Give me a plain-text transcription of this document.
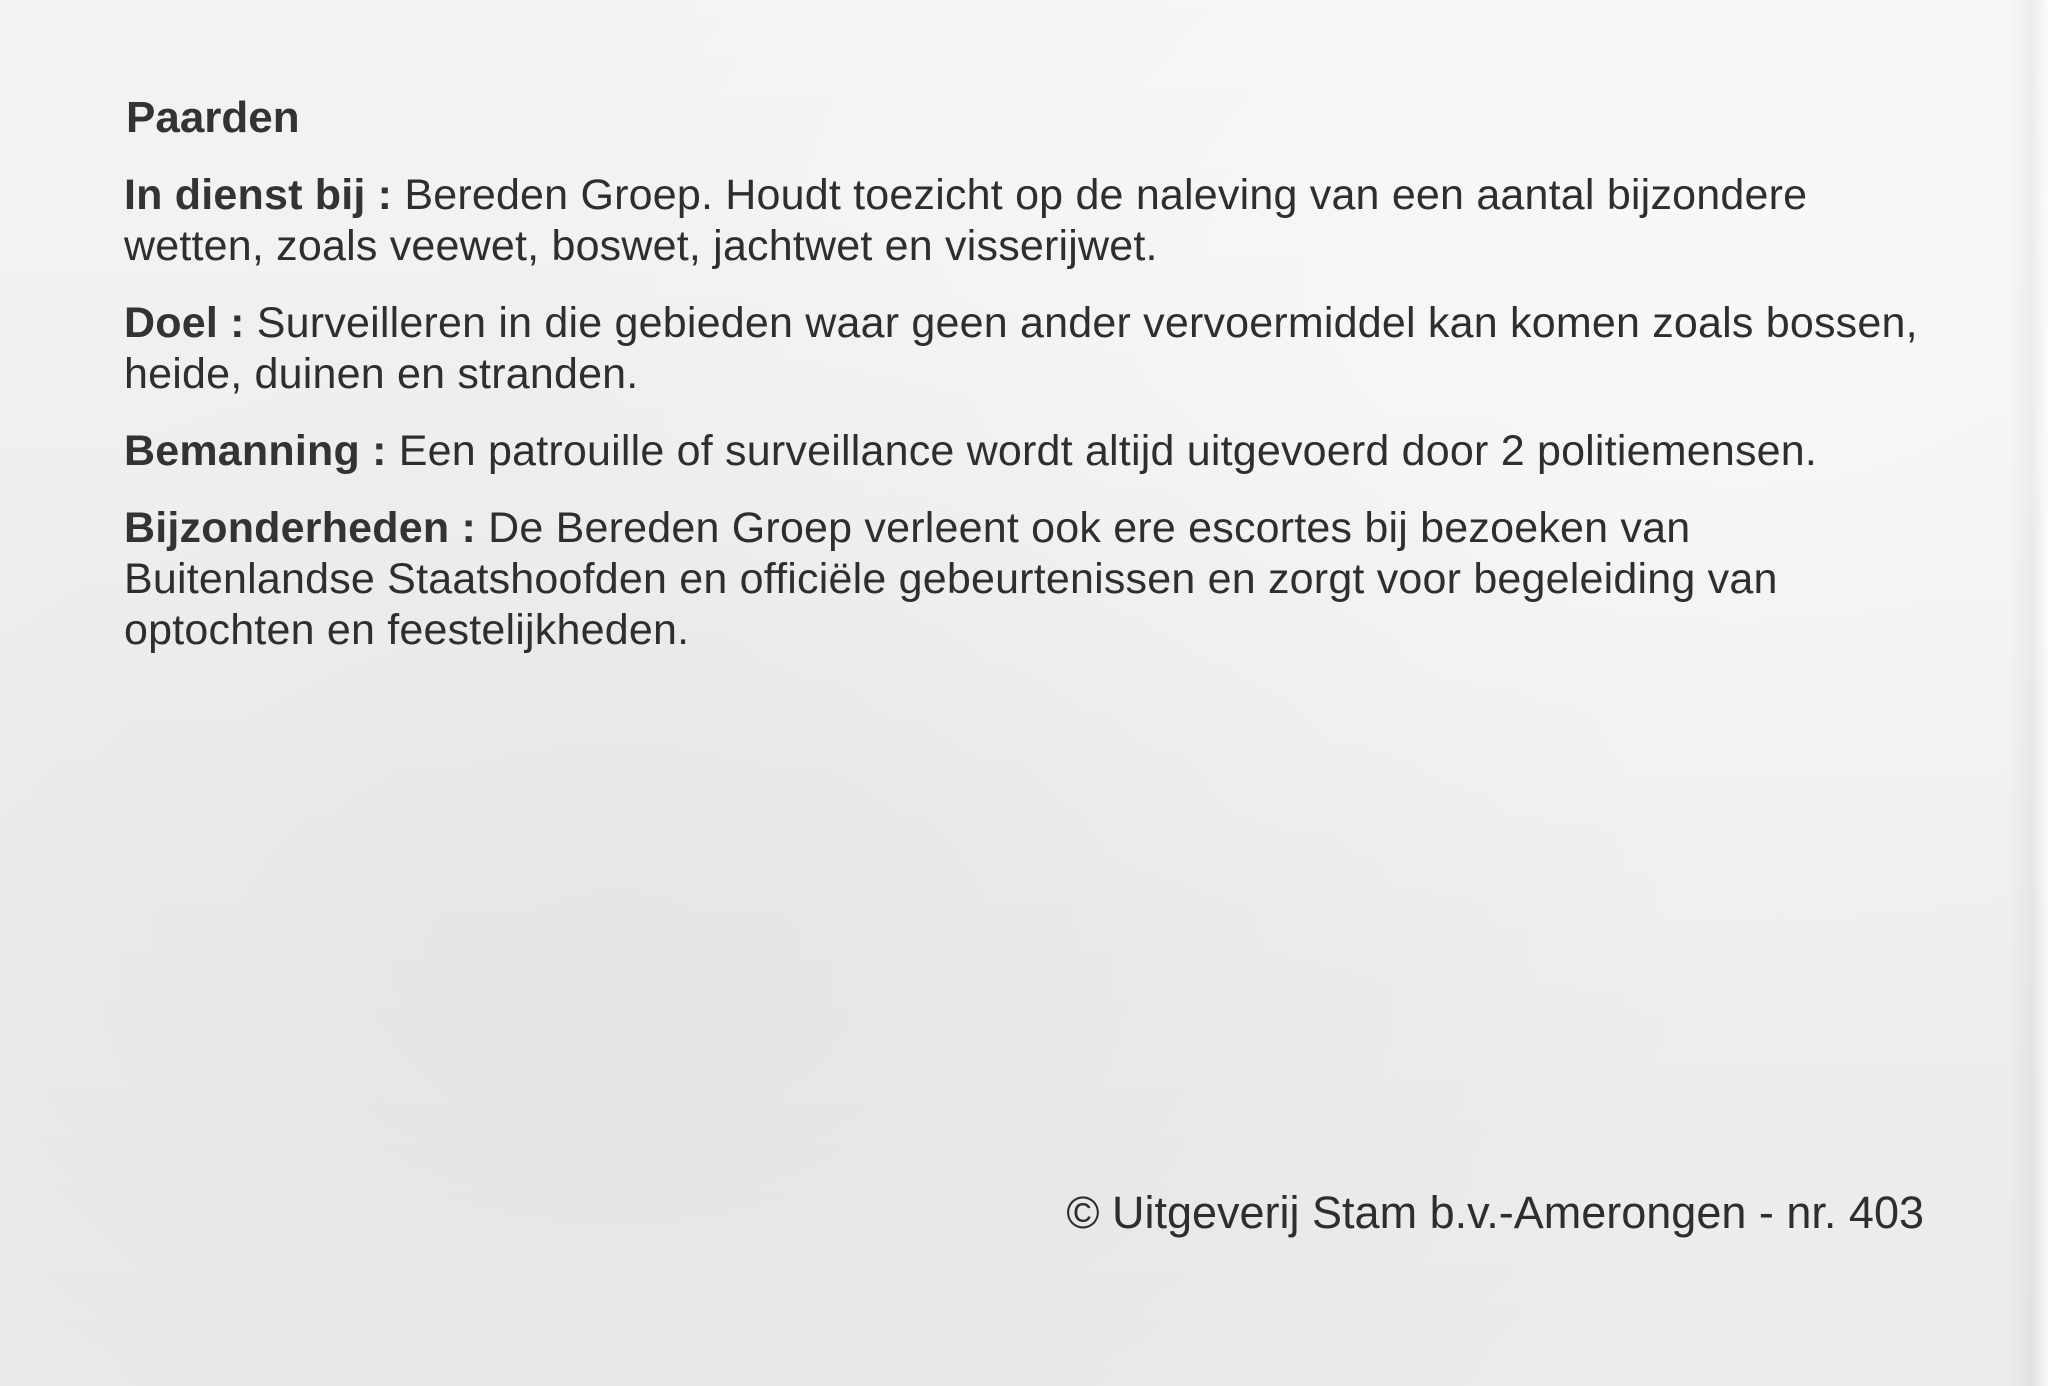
Paarden

In dienst bij : Bereden Groep. Houdt toezicht op de naleving van een aantal bijzondere wetten, zoals veewet, boswet, jachtwet en visserijwet.

Doel : Surveilleren in die gebieden waar geen ander vervoermiddel kan komen zoals bossen, heide, duinen en stranden.

Bemanning : Een patrouille of surveillance wordt altijd uitgevoerd door 2 politiemensen.

Bijzonderheden : De Bereden Groep verleent ook ere escortes bij bezoeken van Buitenlandse Staatshoofden en officiële gebeurtenissen en zorgt voor begeleiding van optochten en feestelijkheden.

© Uitgeverij Stam b.v.-Amerongen - nr. 403
